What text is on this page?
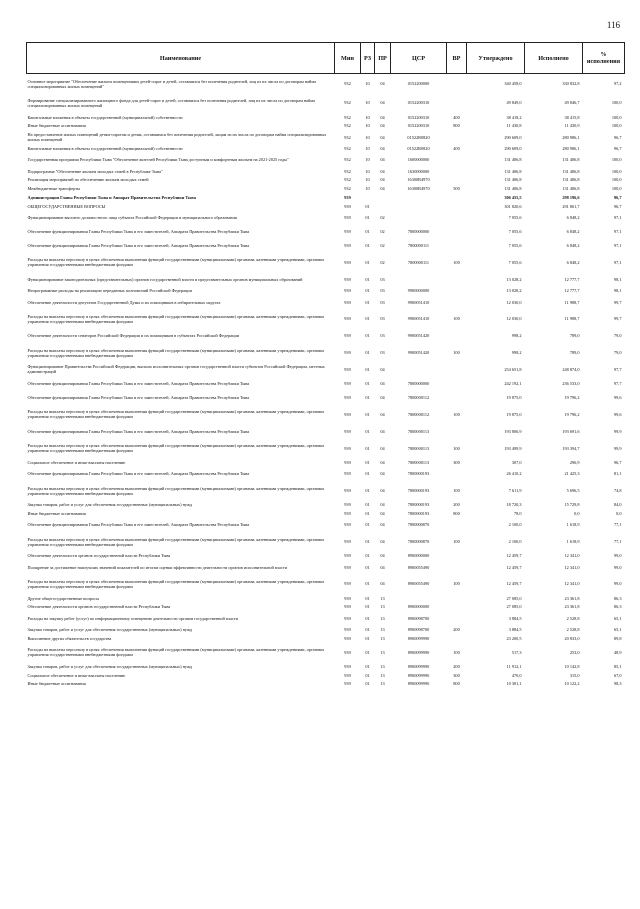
116
Наименование	Мин	РЗ	ПР	ЦСР	ВР	Утверждено	Исполнено	% исполнения
Основное мероприятие "Обеспечение жильем помещениями детей-сирот и детей, оставшихся без попечения родителей, лиц из их числа по договорам найма специализированных жилых помещений"	932	10	04	0152200000		340 458,0	330 832,8	97,2
Формирование специализированного жилищного фонда для детей-сирот и детей, оставшихся без попечения родителей, лиц из их числа по договорам найма специализированных жилых помещений	932	10	04	0152200310		49 849,0	49 846,7	100,0
Капитальные вложения в объекты государственной (муниципальной) собственности	932	10	04	0152200310	400	38 418,2	38 415,8	100,0
Иные бюджетные ассигнования	932	10	04	0152200310	800	11 430,8	11 430,9	100,0
На предоставление жилых помещений детям-сиротам и детям, оставшимся без попечения родителей, лицам из их числа по договорам найма специализированных жилых помещений	932	10	04	01522R0820		290 609,0	280 986,1	96,7
Капитальные вложения в объекты государственной (муниципальной) собственности	932	10	04	01522R0820	400	290 609,0	280 986,1	96,7
Государственная программа Республики Тыва "Обеспечение жителей Республики Тыва доступным и комфортным жильем на 2021-2025 годы"	932	10	04	1600000000		131 406,8	131 406,8	100,0
Подпрограмма "Обеспечение жильем молодых семей в Республике Тыва"	932	10	04	1630000000		131 406,8	131 406,8	100,0
Реализация мероприятий по обеспечению жильем молодых семей	932	10	04	16300R4970		131 406,8	131 406,8	100,0
Межбюджетные трансферты	932	10	04	16300R4970	500	131 406,8	131 406,8	100,0
Администрация Главы Республики Тыва и Аппарат Правительства Республики Тыва	939					306 455,5	298 196,6	96,7
ОБЩЕГОСУДАРСТВЕННЫЕ ВОПРОСЫ	939	01				301 820,6	291 861,7	96,7
Функционирование высшего должностного лица субъекта Российской Федерации и муниципального образования	939	01	02			7 055,6	6 848,2	97,1
Обеспечение функционирования Главы Республики Тыва и его заместителей, Аппарата Правительства Республики Тыва	939	01	02	7800000000		7 055,6	6 848,2	97,1
Обеспечение функционирования Главы Республики Тыва и его заместителей, Аппарата Правительства Республики Тыва	939	01	02	7800000111		7 055,6	6 848,2	97,1
Расходы на выплаты персоналу в целях обеспечения выполнения функций государственными (муниципальными) органами, казенными учреждениями, органами управления государственными внебюджетными фондами	939	01	02	7800000111	100	7 055,6	6 848,2	97,1
Функционирование законодательных (представительных) органов государственной власти и представительных органов муниципальных образований	939	01	03			13 028,2	12 777,7	98,1
Непрограммные расходы на реализацию переданных полномочий Российской Федерации	939	01	03	9900000000		13 028,2	12 777,7	98,1
Обеспечение деятельности депутатов Государственной Думы и их помощников в избирательных округах	939	01	03	9900051410		12 030,0	11 988,7	99,7
Расходы на выплаты персоналу в целях обеспечения выполнения функций государственными (муниципальными) органами, казенными учреждениями, органами управления государственными внебюджетными фондами	939	01	03	9900051410	100	12 030,0	11 988,7	99,7
Обеспечение деятельности сенаторов Российской Федерации и их помощников в субъектах Российской Федерации	939	01	03	9900051420		998,2	789,0	79,0
Расходы на выплаты персоналу в целях обеспечения выполнения функций государственными (муниципальными) органами, казенными учреждениями, органами управления государственными внебюджетными фондами	939	01	03	9900051420	100	998,2	789,0	79,0
Функционирование Правительства Российской Федерации, высших исполнительных органов государственной власти субъектов Российской Федерации, местных администраций	939	01	04			254 651,8	248 874,0	97,7
Обеспечение функционирования Главы Республики Тыва и его заместителей, Аппарата Правительства Республики Тыва	939	01	04	7800000000		242 192,1	236 533,0	97,7
Обеспечение функционирования Главы Республики Тыва и его заместителей, Аппарата Правительства Республики Тыва	939	01	04	7800000112		19 875,0	19 796,2	99,6
Расходы на выплаты персоналу в целях обеспечения выполнения функций государственными (муниципальными) органами, казенными учреждениями, органами управления государственными внебюджетными фондами	939	01	04	7800000112	100	19 875,0	19 796,2	99,6
Обеспечение функционирования Главы Республики Тыва и его заместителей, Аппарата Правительства Республики Тыва	939	01	04	7800000113		193 806,9	193 691,6	99,9
Расходы на выплаты персоналу в целях обеспечения выполнения функций государственными (муниципальными) органами, казенными учреждениями, органами управления государственными внебюджетными фондами	939	01	04	7800000113	100	193 499,9	193 394,7	99,9
Социальное обеспечение и иные выплаты населению	939	01	04	7800000113	300	307,0	296,9	96,7
Обеспечение функционирования Главы Республики Тыва и его заместителей, Аппарата Правительства Республики Тыва	939	01	04	7800000193		26 410,2	21 425,3	81,1
Расходы на выплаты персоналу в целях обеспечения выполнения функций государственными (муниципальными) органами, казенными учреждениями, органами управления государственными внебюджетными фондами	939	01	04	7800000193	100	7 611,9	5 696,5	74,8
Закупка товаров, работ и услуг для обеспечения государственных (муниципальных) нужд	939	01	04	7800000193	200	18 720,3	15 729,8	84,0
Иные бюджетные ассигнования	939	01	04	7800000193	800	78,0	0,0	0,0
Обеспечение функционирования Главы Республики Тыва и его заместителей, Аппарата Правительства Республики Тыва	939	01	04	7800000870		2 100,0	1 618,9	77,1
Расходы на выплаты персоналу в целях обеспечения выполнения функций государственными (муниципальными) органами, казенными учреждениями, органами управления государственными внебюджетными фондами	939	01	04	7800000870	100	2 100,0	1 618,9	77,1
Обеспечение деятельности органов государственной власти Республики Тыва	939	01	04	8900000000		12 459,7	12 341,0	99,0
Поощрение за достижение наилучших значений показателей по итогам оценки эффективности деятельности органов исполнительной власти	939	01	04	8900055490		12 459,7	12 341,0	99,0
Расходы на выплаты персоналу в целях обеспечения выполнения функций государственными (муниципальными) органами, казенными учреждениями, органами управления государственными внебюджетными фондами	939	01	04	8900055490	100	12 459,7	12 341,0	99,0
Другие общегосударственные вопросы	939	01	13			27 085,0	23 361,8	86,3
Обеспечение деятельности органов государственной власти Республики Тыва	939	01	13	8900000000		27 085,0	23 361,8	86,3
Расходы на закупку работ (услуг) по информационному освещению деятельности органов государственной власти	939	01	13	8900098700		3 884,5	2 528,8	65,1
Закупка товаров, работ и услуг для обеспечения государственных (муниципальных) нужд	939	01	13	8900098700	200	3 884,5	2 528,8	65,1
Выполнение других обязательств государства	939	01	13	8900099990		23 200,5	20 833,0	89,8
Расходы на выплаты персоналу в целях обеспечения выполнения функций государственными (муниципальными) органами, казенными учреждениями, органами управления государственными внебюджетными фондами	939	01	13	8900099990	100	517,3	253,0	48,9
Закупка товаров, работ и услуг для обеспечения государственных (муниципальных) нужд	939	01	13	8900099990	200	11 912,1	10 142,8	85,1
Социальное обеспечение и иные выплаты населению	939	01	13	8900099990	300	470,0	315,0	67,0
Иные бюджетные ассигнования	939	01	13	8900099990	800	10 301,1	10 122,2	98,3
